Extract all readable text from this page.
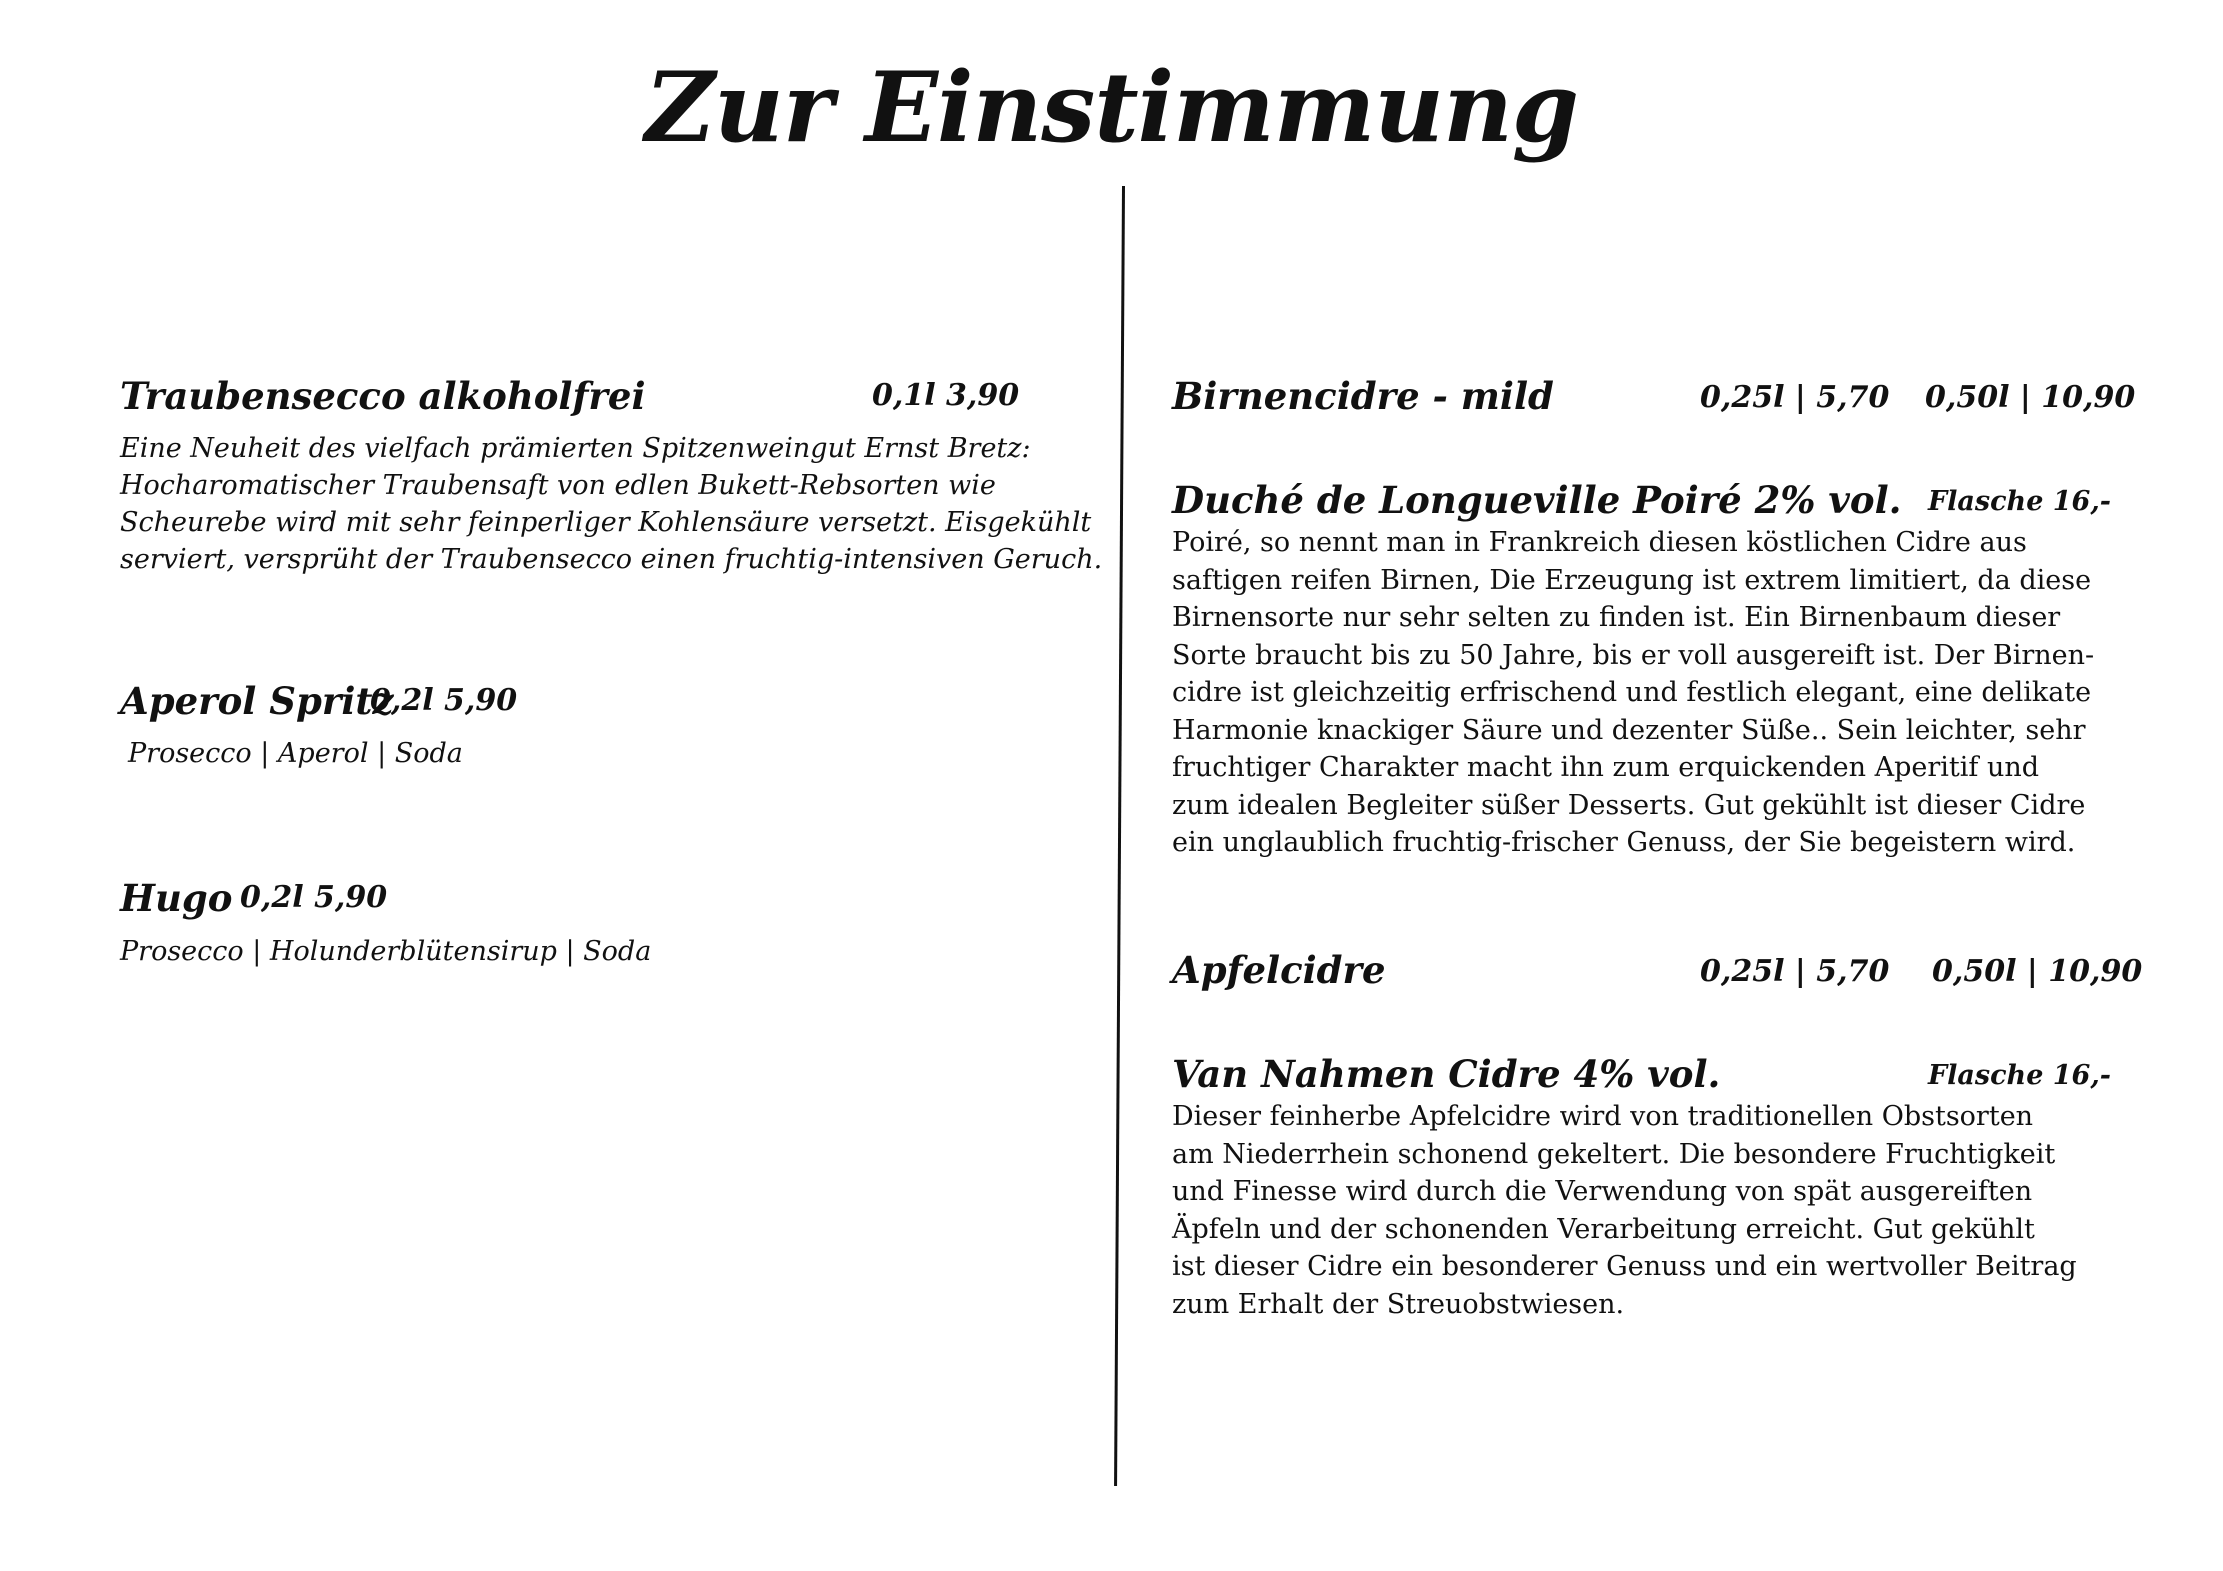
Zur Einstimmung
Traubensecco alkoholfrei	0,1l 3,90
Eine Neuheit des vielfach prämierten Spitzenweingut Ernst Bretz:
Hocharomatischer Traubensaft von edlen Bukett-Rebsorten wie
Scheurebe wird mit sehr feinperliger Kohlensäure versetzt. Eisgekühlt
serviert, versprüht der Traubensecco einen fruchtig-intensiven Geruch.
Aperol Spritz
0,2l 5,90
Prosecco | Aperol | Soda
Hugo 0,2l 5,90
Prosecco | Holunderblütensirup | Soda
Birnencidre - mild	0,25l | 5,70 0,50l | 10,90
Duché de Longueville Poiré 2% vol. Flasche 16,-
Poiré, so nennt man in Frankreich diesen köstlichen Cidre aus
saftigen reifen Birnen, Die Erzeugung ist extrem limitiert, da diese
Birnensorte nur sehr selten zu finden ist. Ein Birnenbaum dieser
Sorte braucht bis zu 50 Jahre, bis er voll ausgereift ist. Der Birnen-
cidre ist gleichzeitig erfrischend und festlich elegant, eine delikate
Harmonie knackiger Säure und dezenter Süße.. Sein leichter, sehr
fruchtiger Charakter macht ihn zum erquickenden Aperitif und
zum idealen Begleiter süßer Desserts. Gut gekühlt ist dieser Cidre
ein unglaublich fruchtig-frischer Genuss, der Sie begeistern wird.
Apfelcidre	0,25l | 5,70 0,50l | 10,90
Van Nahmen Cidre 4% vol.	Flasche 16,-
Dieser feinherbe Apfelcidre wird von traditionellen Obstsorten
am Niederrhein schonend gekeltert. Die besondere Fruchtigkeit
und Finesse wird durch die Verwendung von spät ausgereiften
Äpfeln und der schonenden Verarbeitung erreicht. Gut gekühlt
ist dieser Cidre ein besonderer Genuss und ein wertvoller Beitrag
zum Erhalt der Streuobstwiesen.
